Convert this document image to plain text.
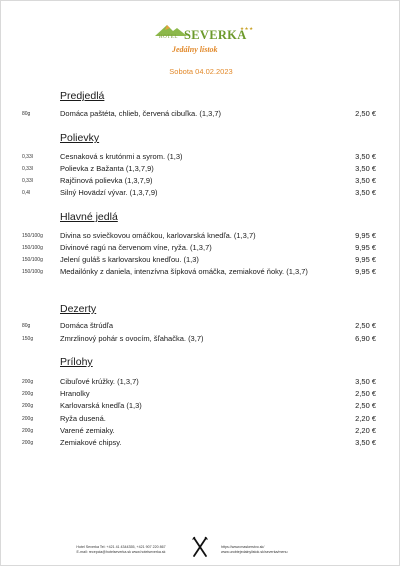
HOTEL SEVERKA
★★★
Jedálny lístok
Sobota 04.02.2023
Predjedlá
80g	Domáca paštéta, chlieb, červená cibuľka. (1,3,7)	2,50 €
Polievky
0,33l	Cesnaková s krutónmi a syrom. (1,3)	3,50 €
0,33l	Polievka z Bažanta (1,3,7,9)	3,50 €
0,33l	Rajčinová polievka (1,3,7,9)	3,50 €
0,4l	Silný Hovädzí vývar. (1,3,7,9)	3,50 €
Hlavné jedlá
150/100g Divina so sviečkovou omáčkou, karlovarská knedľa. (1,3,7)	9,95 €
150/100g Divinové ragú na červenom víne, ryža. (1,3,7)	9,95 €
150/100g Jelení guláš s karlovarskou knedľou. (1,3)	9,95 €
150/100g Medailónky z daniela, intenzívna šípková omáčka, zemiakové ňoky. (1,3,7)	9,95 €
Dezerty
80g	Domáca štrúdľa	2,50 €
150g	Zmrzlinový pohár s ovocím, šľahačka. (3,7)	6,90 €
Prílohy
200g	Cibuľové krúžky. (1,3,7)	3,50 €
200g	Hranolky	2,50 €
200g	Karlovarská knedľa (1,3)	2,50 €
200g	Ryža dusená.	2,20 €
200g	Varené zemiaky.	2,20 €
200g	Zemiakové chipsy.	3,50 €
Hotel Severka Tel: +421 41 4344355, +421 907 220 867
E-mail: recepcia@hotelseverka.sk www.hotelseverka.sk
https://www.maskerstvo.sk/
www.urobtejedalnylistok.sk/severka/menu
